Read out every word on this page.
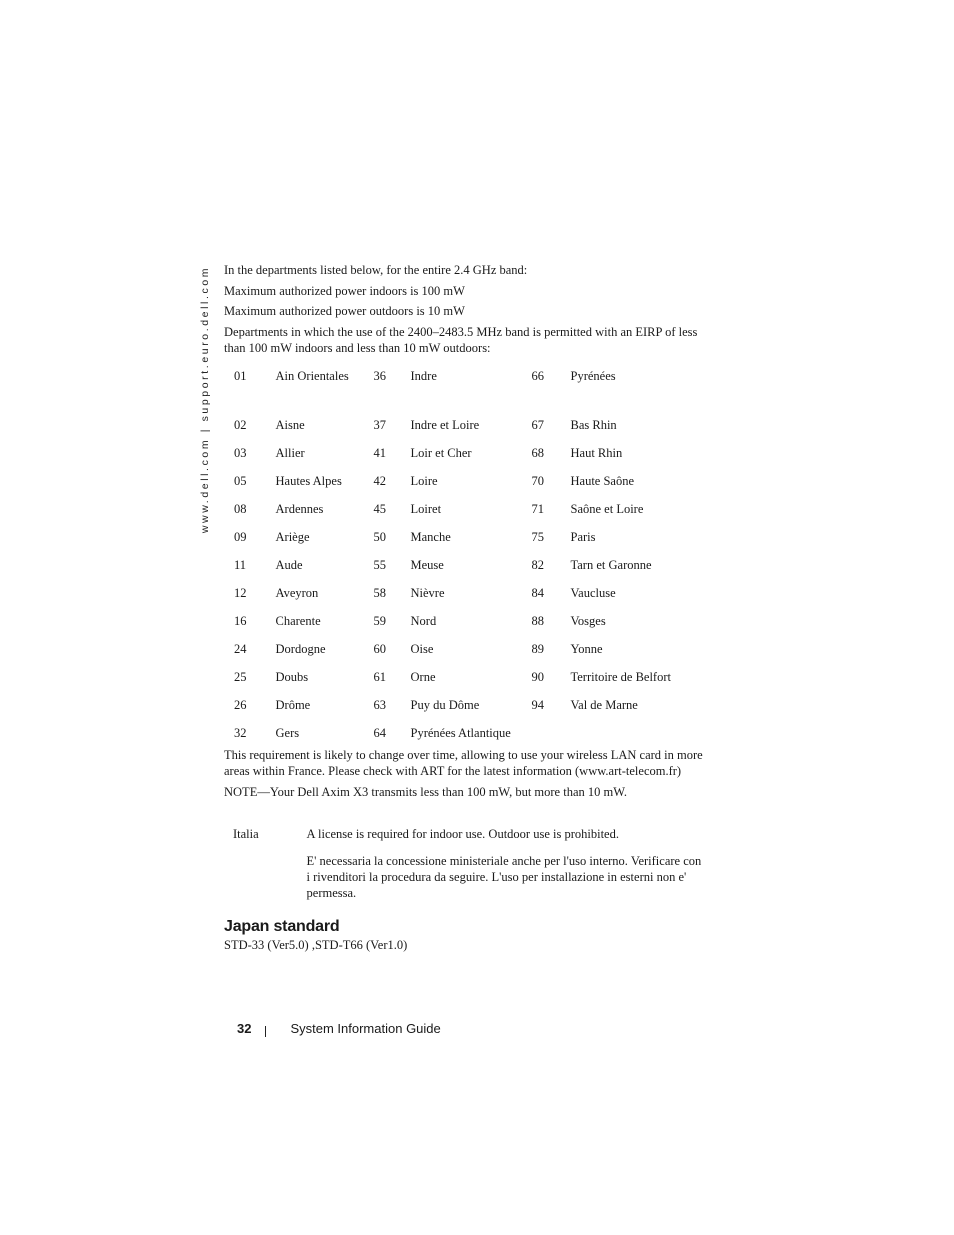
www.dell.com | support.euro.dell.com In the departments listed below, for the entire 2.4 GHz band:

Maximum authorized power indoors is 100 mW

Maximum authorized power outdoors is 10 mW

Departments in which the use of the 2400–2483.5 MHz band is permitted with an EIRP of less than 100 mW indoors and less than 10 mW outdoors:

01	Ain Orientales	36	Indre	66	Pyrénées
02	Aisne	37	Indre et Loire	67	Bas Rhin
03	Allier	41	Loir et Cher	68	Haut Rhin
05	Hautes Alpes	42	Loire	70	Haute Saône
08	Ardennes	45	Loiret	71	Saône et Loire
09	Ariège	50	Manche	75	Paris
11	Aude	55	Meuse	82	Tarn et Garonne
12	Aveyron	58	Nièvre	84	Vaucluse
16	Charente	59	Nord	88	Vosges
24	Dordogne	60	Oise	89	Yonne
25	Doubs	61	Orne	90	Territoire de Belfort
26	Drôme	63	Puy du Dôme	94	Val de Marne
32	Gers	64	Pyrénées Atlantique		

This requirement is likely to change over time, allowing to use your wireless LAN card in more areas within France. Please check with ART for the latest information (www.art-telecom.fr)

NOTE—Your Dell Axim X3 transmits less than 100 mW, but more than 10 mW.

Italia	A license is required for indoor use. Outdoor use is prohibited.

E' necessaria la concessione ministeriale anche per l'uso interno. Verificare con i rivenditori la procedura da seguire. L'uso per installazione in esterni non e' permessa.

Japan standard

STD-33 (Ver5.0) ,STD-T66 (Ver1.0)

32	System Information Guide
